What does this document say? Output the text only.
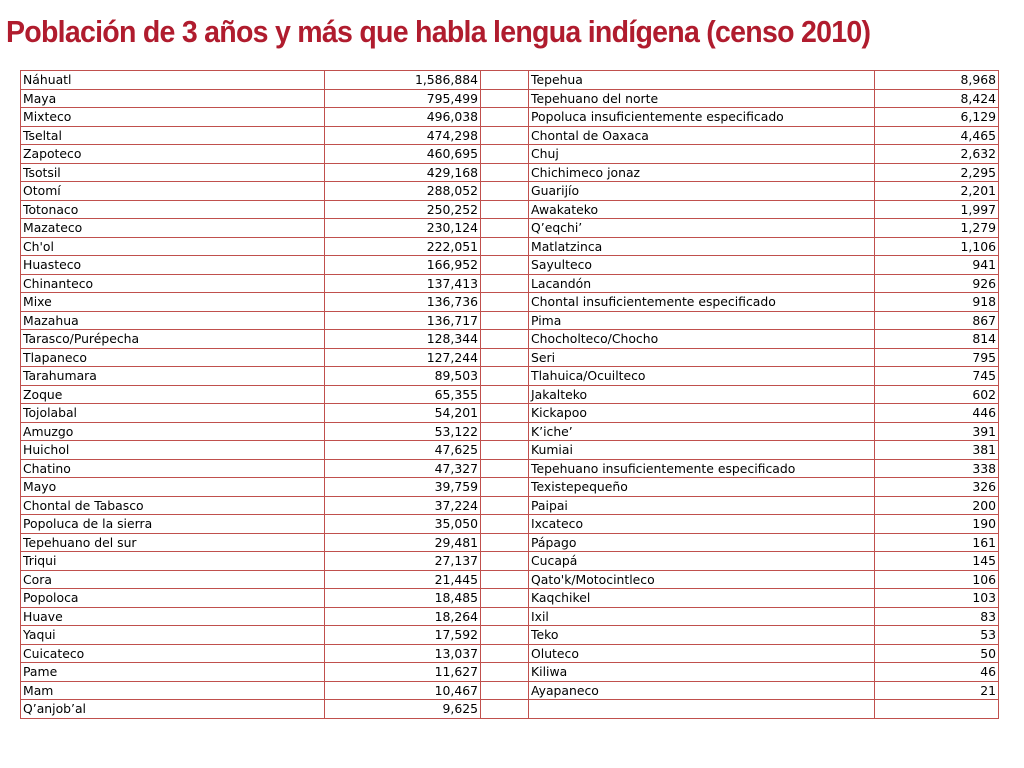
Población de 3 años y más que habla lengua indígena (censo 2010)
Náhuatl	1,586,884		Tepehua	8,968
Maya	795,499		Tepehuano del norte	8,424
Mixteco	496,038		Popoluca insuficientemente especificado	6,129
Tseltal	474,298		Chontal de Oaxaca	4,465
Zapoteco	460,695		Chuj	2,632
Tsotsil	429,168		Chichimeco jonaz	2,295
Otomí	288,052		Guarijío	2,201
Totonaco	250,252		Awakateko	1,997
Mazateco	230,124		Q’eqchi’	1,279
Ch'ol	222,051		Matlatzinca	1,106
Huasteco	166,952		Sayulteco	941
Chinanteco	137,413		Lacandón	926
Mixe	136,736		Chontal insuficientemente especificado	918
Mazahua	136,717		Pima	867
Tarasco/Purépecha	128,344		Chocholteco/Chocho	814
Tlapaneco	127,244		Seri	795
Tarahumara	89,503		Tlahuica/Ocuilteco	745
Zoque	65,355		Jakalteko	602
Tojolabal	54,201		Kickapoo	446
Amuzgo	53,122		K’iche’	391
Huichol	47,625		Kumiai	381
Chatino	47,327		Tepehuano insuficientemente especificado	338
Mayo	39,759		Texistepequeño	326
Chontal de Tabasco	37,224		Paipai	200
Popoluca de la sierra	35,050		Ixcateco	190
Tepehuano del sur	29,481		Pápago	161
Triqui	27,137		Cucapá	145
Cora	21,445		Qato'k/Motocintleco	106
Popoloca	18,485		Kaqchikel	103
Huave	18,264		Ixil	83
Yaqui	17,592		Teko	53
Cuicateco	13,037		Oluteco	50
Pame	11,627		Kiliwa	46
Mam	10,467		Ayapaneco	21
Q’anjob’al	9,625			
